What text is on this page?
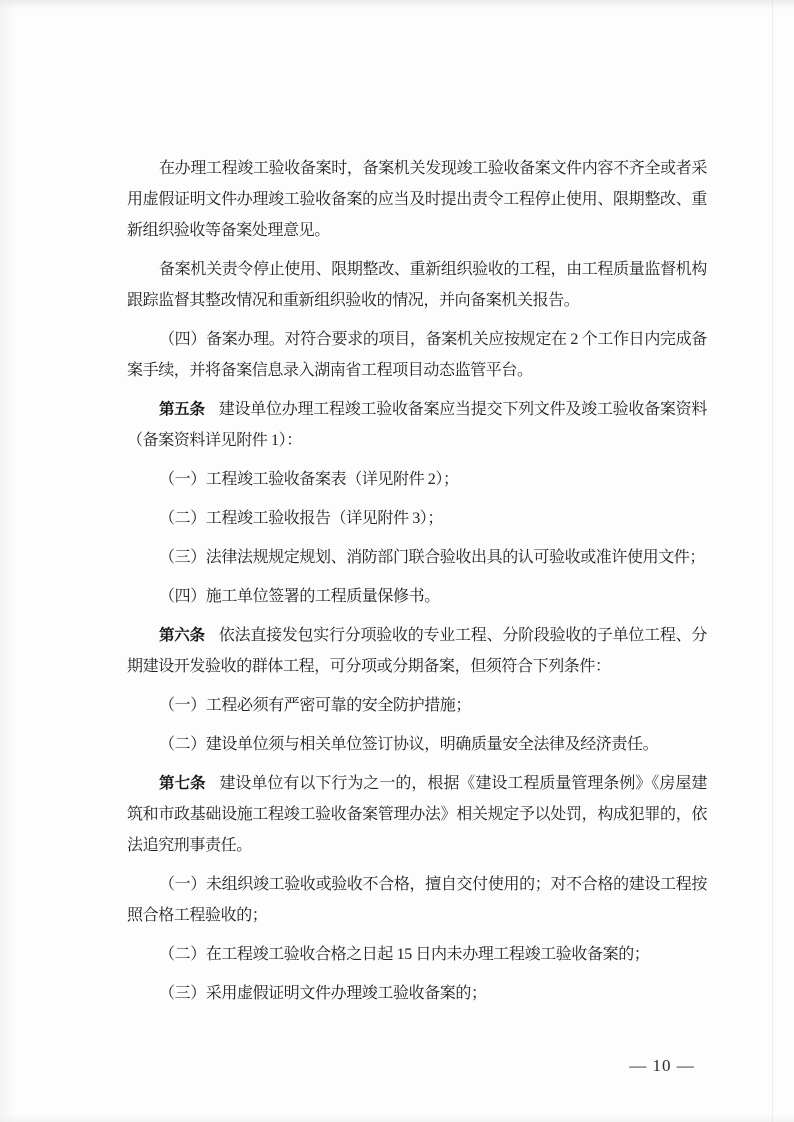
在办理工程竣工验收备案时，备案机关发现竣工验收备案文件内容不齐全或者采用虚假证明文件办理竣工验收备案的应当及时提出责令工程停止使用、限期整改、重新组织验收等备案处理意见。

备案机关责令停止使用、限期整改、重新组织验收的工程，由工程质量监督机构跟踪监督其整改情况和重新组织验收的情况，并向备案机关报告。

（四）备案办理。对符合要求的项目，备案机关应按规定在 2 个工作日内完成备案手续，并将备案信息录入湖南省工程项目动态监管平台。

第五条 建设单位办理工程竣工验收备案应当提交下列文件及竣工验收备案资料（备案资料详见附件 1）：

（一）工程竣工验收备案表（详见附件 2）；

（二）工程竣工验收报告（详见附件 3）；

（三）法律法规规定规划、消防部门联合验收出具的认可验收或准许使用文件；

（四）施工单位签署的工程质量保修书。

第六条 依法直接发包实行分项验收的专业工程、分阶段验收的子单位工程、分期建设开发验收的群体工程，可分项或分期备案，但须符合下列条件：

（一）工程必须有严密可靠的安全防护措施；

（二）建设单位须与相关单位签订协议，明确质量安全法律及经济责任。

第七条 建设单位有以下行为之一的，根据《建设工程质量管理条例》《房屋建筑和市政基础设施工程竣工验收备案管理办法》相关规定予以处罚，构成犯罪的，依法追究刑事责任。

（一）未组织竣工验收或验收不合格，擅自交付使用的；对不合格的建设工程按照合格工程验收的；

（二）在工程竣工验收合格之日起 15 日内未办理工程竣工验收备案的；

（三）采用虚假证明文件办理竣工验收备案的；

— 10 —
